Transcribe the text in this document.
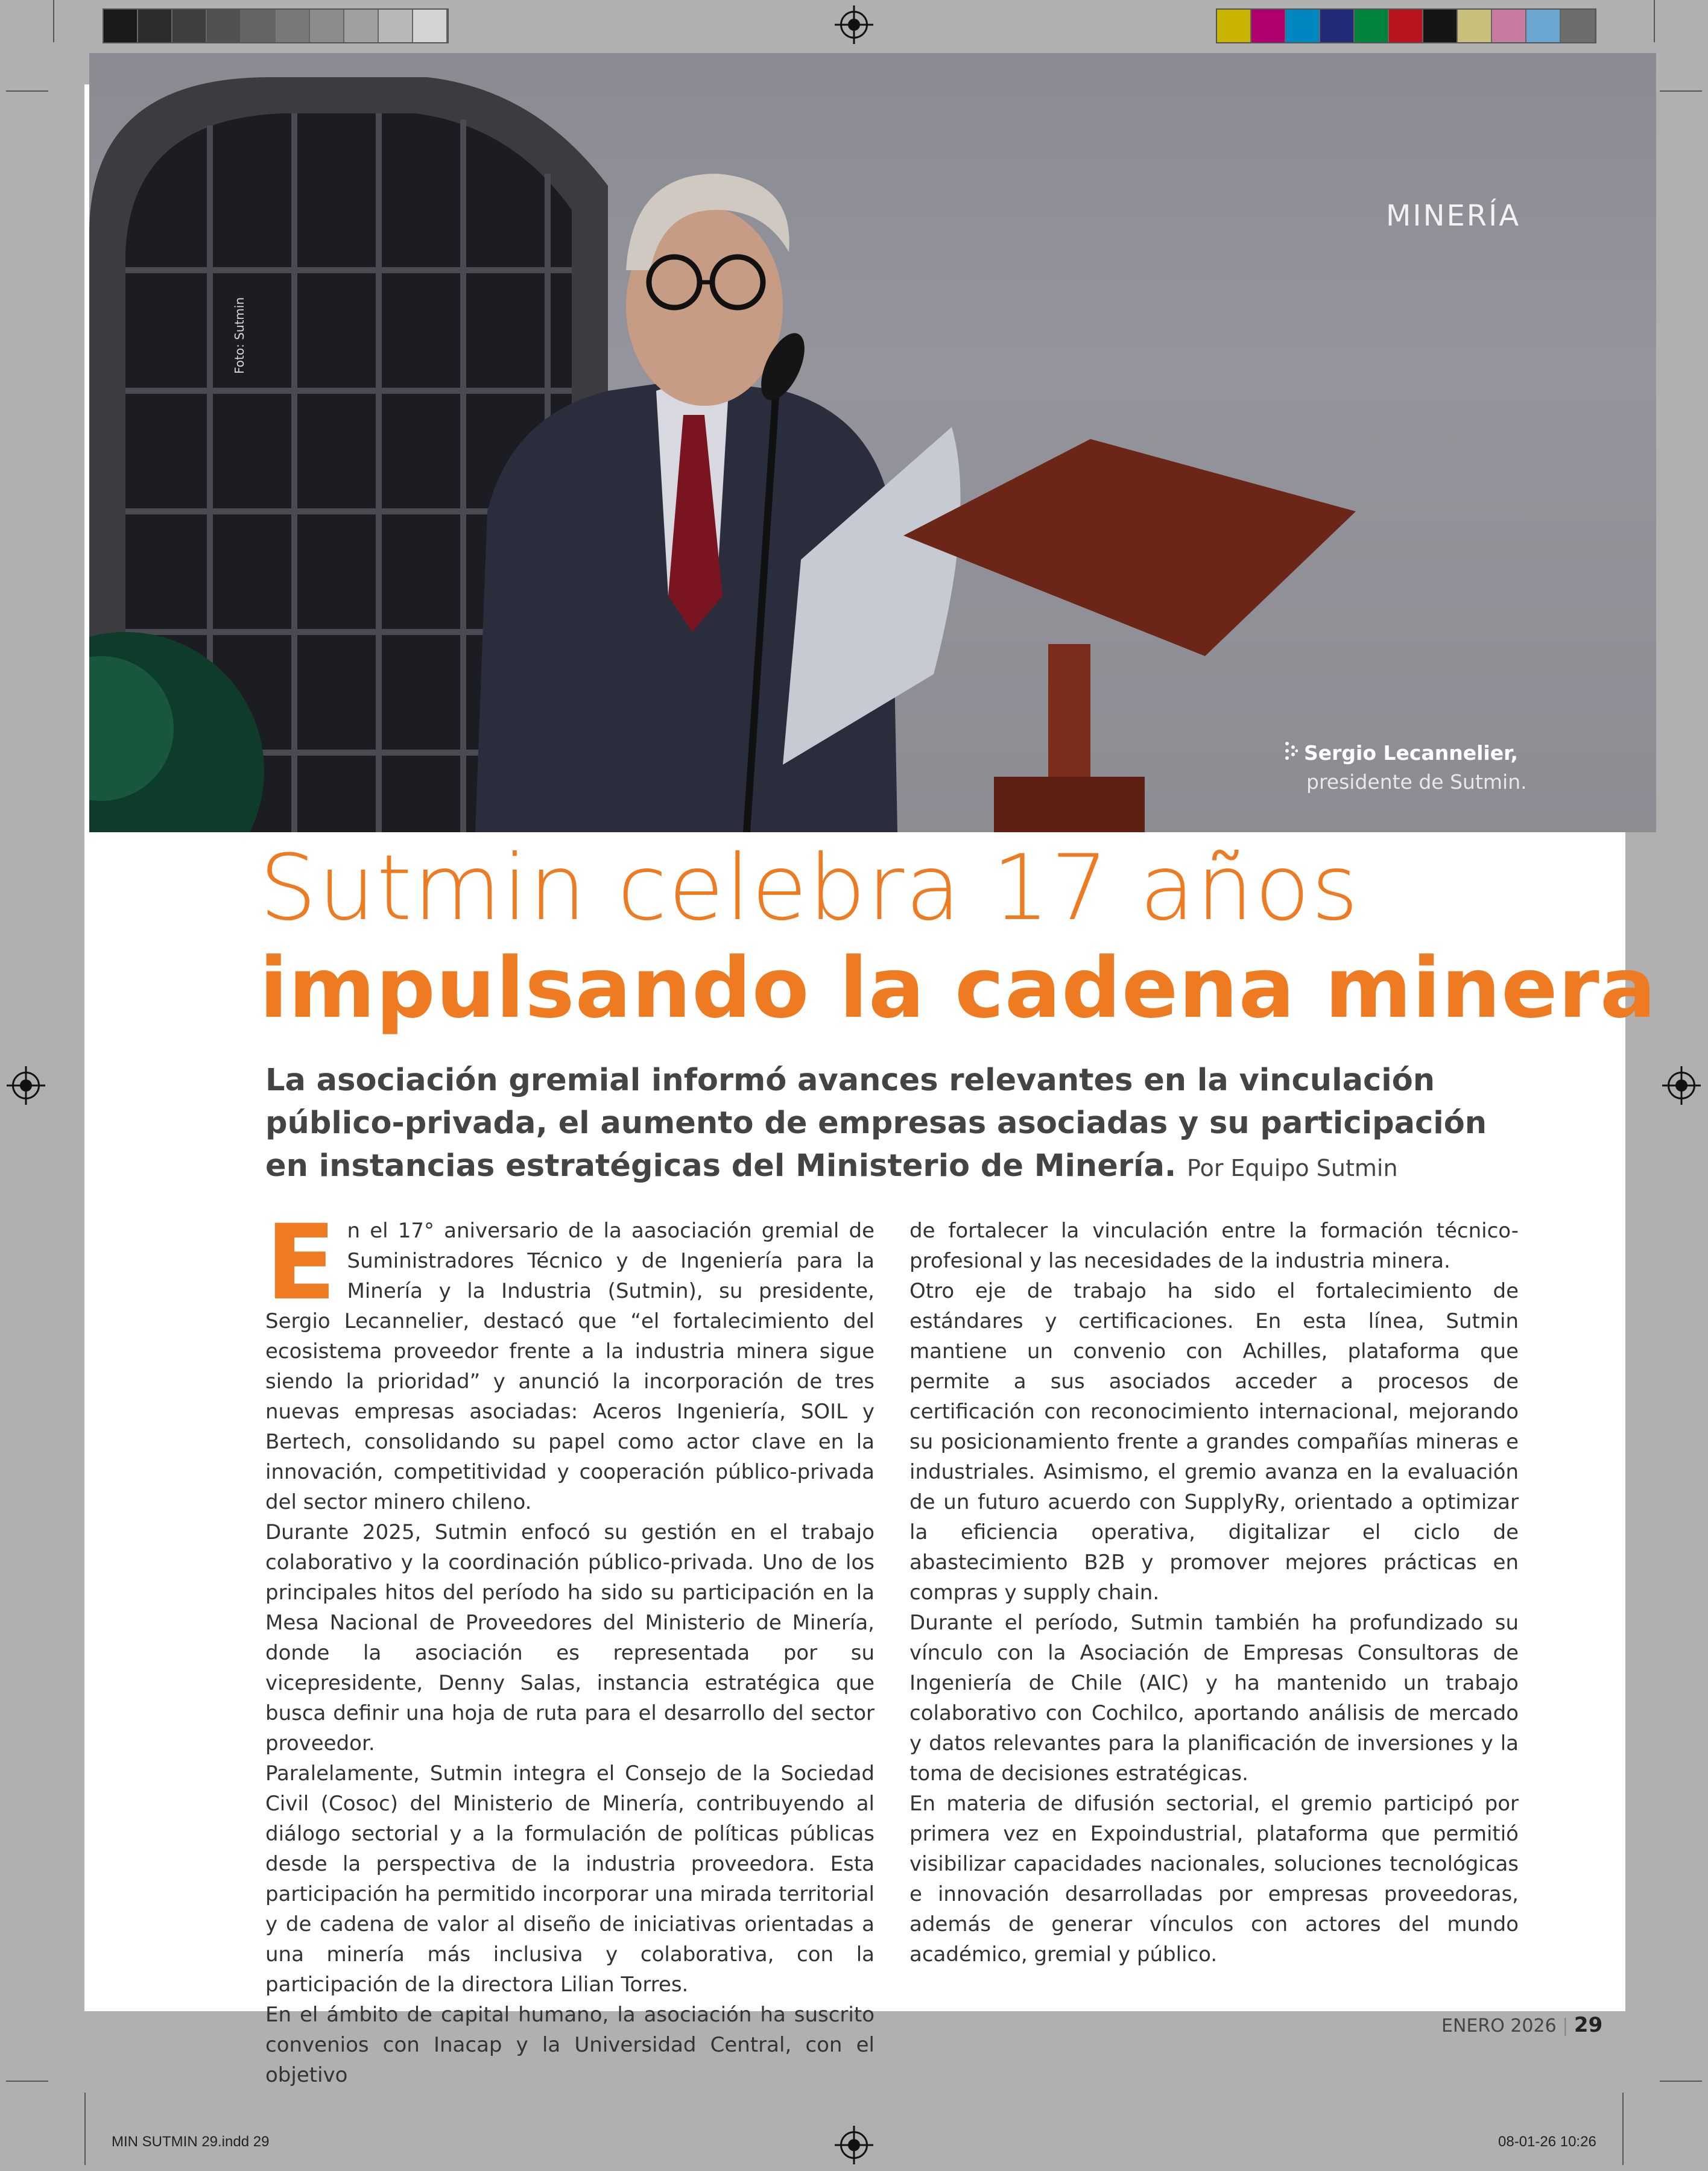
MINERÍA
Foto: Sutmin
Sergio Lecannelier,
presidente de Sutmin.
Sutmin celebra 17 años
impulsando la cadena minera
La asociación gremial informó avances relevantes en la vinculación público-privada, el aumento de empresas asociadas y su participación en instancias estratégicas del Ministerio de Minería. Por Equipo Sutmin

En el 17° aniversario de la aasociación gremial de Suministradores Técnico y de Ingeniería para la Minería y la Industria (Sutmin), su presidente, Sergio Lecannelier, destacó que “el fortalecimiento del ecosistema proveedor frente a la industria minera sigue siendo la prioridad” y anunció la incorporación de tres nuevas empresas asociadas: Aceros Ingeniería, SOIL y Bertech, consolidando su papel como actor clave en la innovación, competitividad y cooperación público-privada del sector minero chileno.

Durante 2025, Sutmin enfocó su gestión en el trabajo colaborativo y la coordinación público-privada. Uno de los principales hitos del período ha sido su participación en la Mesa Nacional de Proveedores del Ministerio de Minería, donde la asociación es representada por su vicepresidente, Denny Salas, instancia estratégica que busca definir una hoja de ruta para el desarrollo del sector proveedor.

Paralelamente, Sutmin integra el Consejo de la Sociedad Civil (Cosoc) del Ministerio de Minería, contribuyendo al diálogo sectorial y a la formulación de políticas públicas desde la perspectiva de la industria proveedora. Esta participación ha permitido incorporar una mirada territorial y de cadena de valor al diseño de iniciativas orientadas a una minería más inclusiva y colaborativa, con la participación de la directora Lilian Torres.

En el ámbito de capital humano, la asociación ha suscrito convenios con Inacap y la Universidad Central, con el objetivo

de fortalecer la vinculación entre la formación técnico-profesional y las necesidades de la industria minera.

Otro eje de trabajo ha sido el fortalecimiento de estándares y certificaciones. En esta línea, Sutmin mantiene un convenio con Achilles, plataforma que permite a sus asociados acceder a procesos de certificación con reconocimiento internacional, mejorando su posicionamiento frente a grandes compañías mineras e industriales. Asimismo, el gremio avanza en la evaluación de un futuro acuerdo con SupplyRy, orientado a optimizar la eficiencia operativa, digitalizar el ciclo de abastecimiento B2B y promover mejores prácticas en compras y supply chain.

Durante el período, Sutmin también ha profundizado su vínculo con la Asociación de Empresas Consultoras de Ingeniería de Chile (AIC) y ha mantenido un trabajo colaborativo con Cochilco, aportando análisis de mercado y datos relevantes para la planificación de inversiones y la toma de decisiones estratégicas.

En materia de difusión sectorial, el gremio participó por primera vez en Expoindustrial, plataforma que permitió visibilizar capacidades nacionales, soluciones tecnológicas e innovación desarrolladas por empresas proveedoras, además de generar vínculos con actores del mundo académico, gremial y público.

ENERO 2026 | 29
MIN SUTMIN 29.indd 29	08-01-26 10:26
